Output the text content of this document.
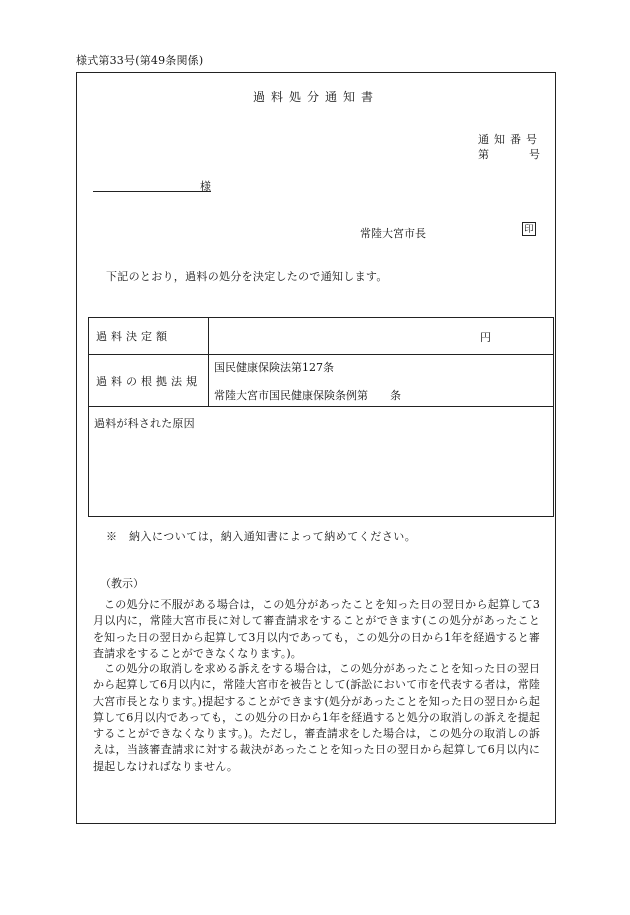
様式第33号(第49条関係)
過料処分通知書
通知番号
第	号
様
常陸大宮市長	印
下記のとおり，過料の処分を決定したので通知します。
過料決定額	円

過料の根拠法規	国民健康保険法第127条
常陸大宮市国民健康保険条例第　　条

過料が科された原因	
※　納入については，納入通知書によって納めてください。
（教示）
この処分に不服がある場合は，この処分があったことを知った日の翌日から起算して3月以内に，常陸大宮市長に対して審査請求をすることができます(この処分があったことを知った日の翌日から起算して3月以内であっても，この処分の日から1年を経過すると審査請求をすることができなくなります。)。
この処分の取消しを求める訴えをする場合は，この処分があったことを知った日の翌日から起算して6月以内に，常陸大宮市を被告として(訴訟において市を代表する者は，常陸大宮市長となります。)提起することができます(処分があったことを知った日の翌日から起算して6月以内であっても，この処分の日から1年を経過すると処分の取消しの訴えを提起することができなくなります。)。ただし，審査請求をした場合は，この処分の取消しの訴えは，当該審査請求に対する裁決があったことを知った日の翌日から起算して6月以内に提起しなければなりません。
